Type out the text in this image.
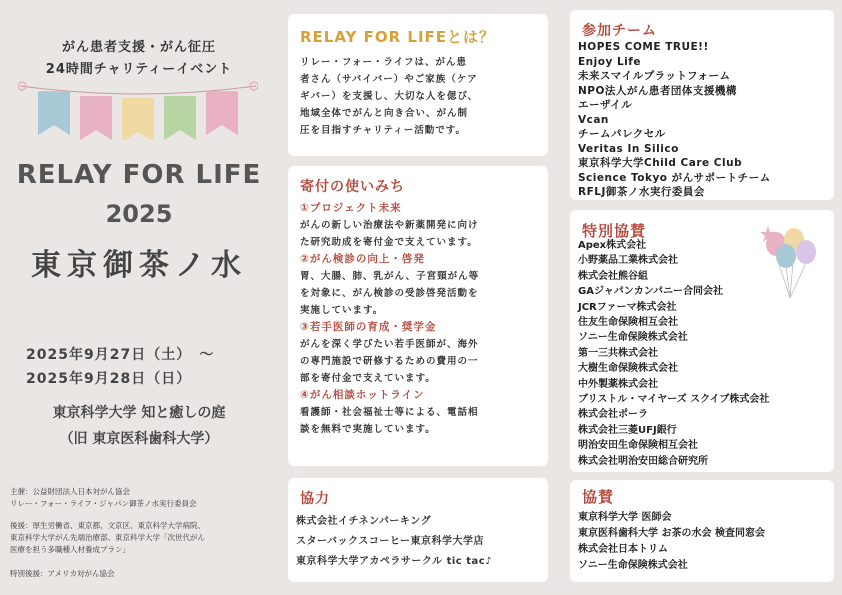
がん患者支援・がん征圧
24時間チャリティーイベント
RELAY FOR LIFE
2025
東京御茶ノ水
2025年9月27日（土）　〜
2025年9月28日（日）
東京科学大学 知と癒しの庭
（旧 東京医科歯科大学）
主催：公益財団法人日本対がん協会
リレー・フォー・ライフ・ジャパン御茶ノ水実行委員会
後援：厚生労働省、東京都、文京区、東京科学大学病院、
東京科学大学がん先端治療部、東京科学大学「次世代がん
医療を担う多職種人材養成プラン」
特別後援：アメリカ対がん協会
RELAY FOR LIFEとは？
リレー・フォー・ライフは、がん患
者さん（サバイバー）やご家族（ケア
ギバー）を支援し、大切な人を偲び、
地域全体でがんと向き合い、がん制
圧を目指すチャリティー活動です。
寄付の使いみち
①プロジェクト未来
がんの新しい治療法や新薬開発に向け
た研究助成を寄付金で支えています。
②がん検診の向上・啓発
胃、大腸、肺、乳がん、子宮頸がん等
を対象に、がん検診の受診啓発活動を
実施しています。
③若手医師の育成・奨学金
がんを深く学びたい若手医師が、海外
の専門施設で研修するための費用の一
部を寄付金で支えています。
④がん相談ホットライン
看護師・社会福祉士等による、電話相
談を無料で実施しています。
協力
株式会社イチネンパーキング
スターバックスコーヒー東京科学大学店
東京科学大学アカペラサークル tic tac♪
参加チーム
HOPES COME TRUE!!
Enjoy Life
未来スマイルプラットフォーム
NPO法人がん患者団体支援機構
エーザイル
Vcan
チームパレクセル
Veritas In Silico
東京科学大学Child Care Club
Science Tokyo がんサポートチーム
RFLJ御茶ノ水実行委員会
特別協賛
Apex株式会社
小野薬品工業株式会社
株式会社熊谷組
GAジャパンカンパニー合同会社
JCRファーマ株式会社
住友生命保険相互会社
ソニー生命保険株式会社
第一三共株式会社
大樹生命保険株式会社
中外製薬株式会社
ブリストル・マイヤーズ スクイブ株式会社
株式会社ポーラ
株式会社三菱UFJ銀行
明治安田生命保険相互会社
株式会社明治安田総合研究所
協賛
東京科学大学 医師会
東京医科歯科大学 お茶の水会 検査同窓会
株式会社日本トリム
ソニー生命保険株式会社
